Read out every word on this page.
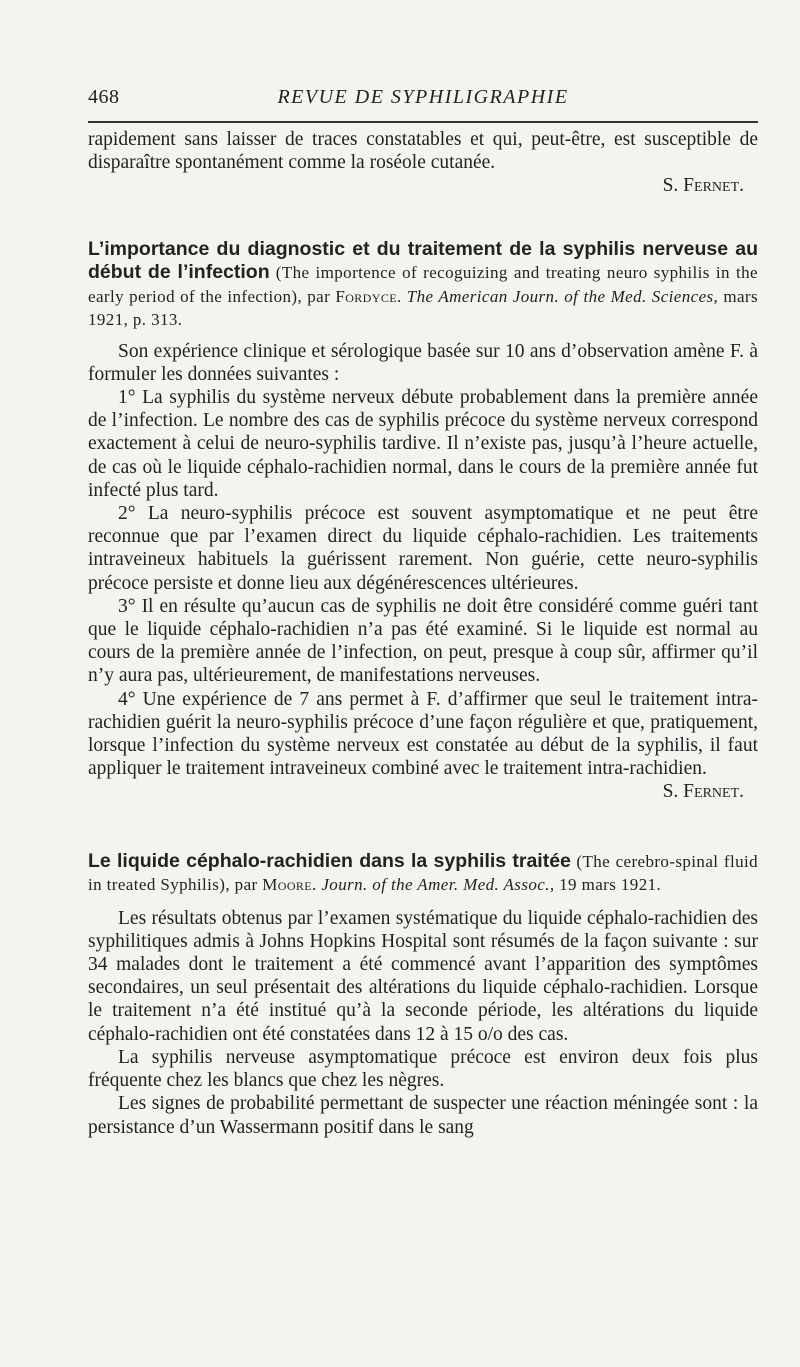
468	REVUE DE SYPHILIGRAPHIE

rapidement sans laisser de traces constatables et qui, peut-être, est susceptible de disparaître spontanément comme la roséole cutanée.

S. Fernet.

L’importance du diagnostic et du traitement de la syphilis nerveuse au début de l’infection (The importence of recoguizing and treating neuro syphilis in the early period of the infection), par Fordyce. The American Journ. of the Med. Sciences, mars 1921, p. 313.

Son expérience clinique et sérologique basée sur 10 ans d’observation amène F. à formuler les données suivantes :

1° La syphilis du système nerveux débute probablement dans la première année de l’infection. Le nombre des cas de syphilis précoce du système nerveux correspond exactement à celui de neuro-syphilis tardive. Il n’existe pas, jusqu’à l’heure actuelle, de cas où le liquide céphalo-rachidien normal, dans le cours de la première année fut infecté plus tard.

2° La neuro-syphilis précoce est souvent asymptomatique et ne peut être reconnue que par l’examen direct du liquide céphalo-rachidien. Les traitements intraveineux habituels la guérissent rarement. Non guérie, cette neuro-syphilis précoce persiste et donne lieu aux dégénérescences ultérieures.

3° Il en résulte qu’aucun cas de syphilis ne doit être considéré comme guéri tant que le liquide céphalo-rachidien n’a pas été examiné. Si le liquide est normal au cours de la première année de l’infection, on peut, presque à coup sûr, affirmer qu’il n’y aura pas, ultérieurement, de manifestations nerveuses.

4° Une expérience de 7 ans permet à F. d’affirmer que seul le traitement intra-rachidien guérit la neuro-syphilis précoce d’une façon régulière et que, pratiquement, lorsque l’infection du système nerveux est constatée au début de la syphilis, il faut appliquer le traitement intraveineux combiné avec le traitement intra-rachidien.

S. Fernet.

Le liquide céphalo-rachidien dans la syphilis traitée (The cerebro-spinal fluid in treated Syphilis), par Moore. Journ. of the Amer. Med. Assoc., 19 mars 1921.

Les résultats obtenus par l’examen systématique du liquide céphalo-rachidien des syphilitiques admis à Johns Hopkins Hospital sont résumés de la façon suivante : sur 34 malades dont le traitement a été commencé avant l’apparition des symptômes secondaires, un seul présentait des altérations du liquide céphalo-rachidien. Lorsque le traitement n’a été institué qu’à la seconde période, les altérations du liquide céphalo-rachidien ont été constatées dans 12 à 15 o/o des cas.

La syphilis nerveuse asymptomatique précoce est environ deux fois plus fréquente chez les blancs que chez les nègres.

Les signes de probabilité permettant de suspecter une réaction méningée sont : la persistance d’un Wassermann positif dans le sang
